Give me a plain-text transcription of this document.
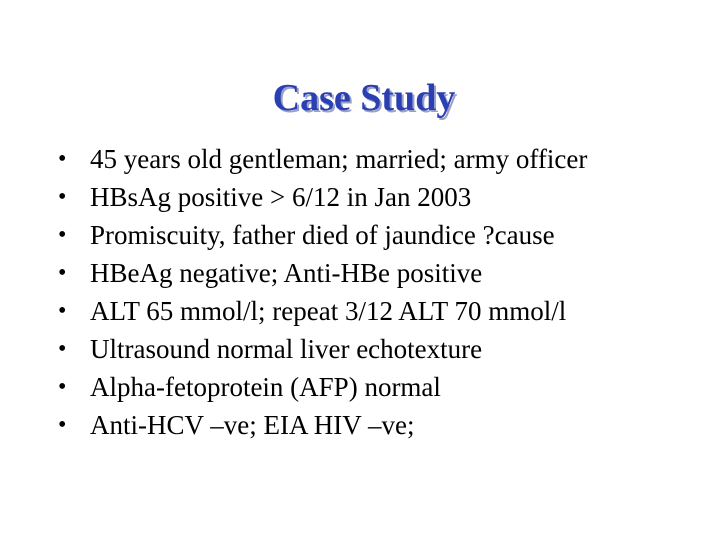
Case Study
• 45 years old gentleman; married; army officer
• HBsAg positive > 6/12 in Jan 2003
• Promiscuity, father died of jaundice ?cause
• HBeAg negative; Anti-HBe positive
• ALT 65 mmol/l; repeat 3/12 ALT 70 mmol/l
• Ultrasound normal liver echotexture
• Alpha-fetoprotein (AFP) normal
• Anti-HCV –ve; EIA HIV –ve;
